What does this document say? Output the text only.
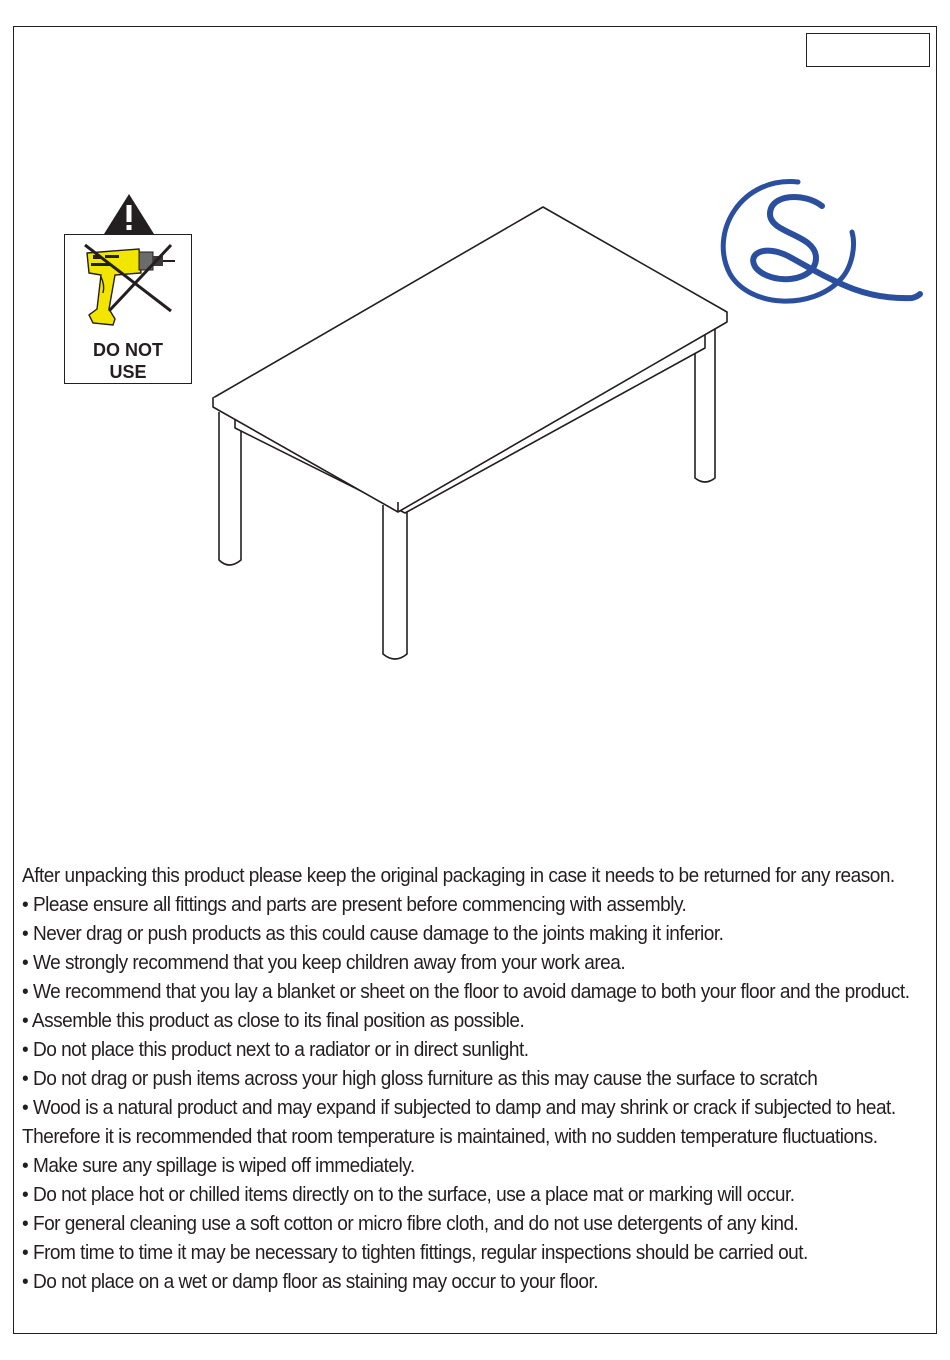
DO NOT
USE

After unpacking this product please keep the original packaging in case it needs to be returned for any reason.

• Please ensure all fittings and parts are present before commencing with assembly.

• Never drag or push products as this could cause damage to the joints making it inferior.

• We strongly recommend that you keep children away from your work area.

• We recommend that you lay a blanket or sheet on the floor to avoid damage to both your floor and the product.

• Assemble this product as close to its final position as possible.

• Do not place this product next to a radiator or in direct sunlight.

• Do not drag or push items across your high gloss furniture as this may cause the surface to scratch

• Wood is a natural product and may expand if subjected to damp and may shrink or crack if subjected to heat.

Therefore it is recommended that room temperature is maintained, with no sudden temperature fluctuations.

• Make sure any spillage is wiped off immediately.

• Do not place hot or chilled items directly on to the surface, use a place mat or marking will occur.

• For general cleaning use a soft cotton or micro fibre cloth, and do not use detergents of any kind.

• From time to time it may be necessary to tighten fittings, regular inspections should be carried out.

• Do not place on a wet or damp floor as staining may occur to your floor.
